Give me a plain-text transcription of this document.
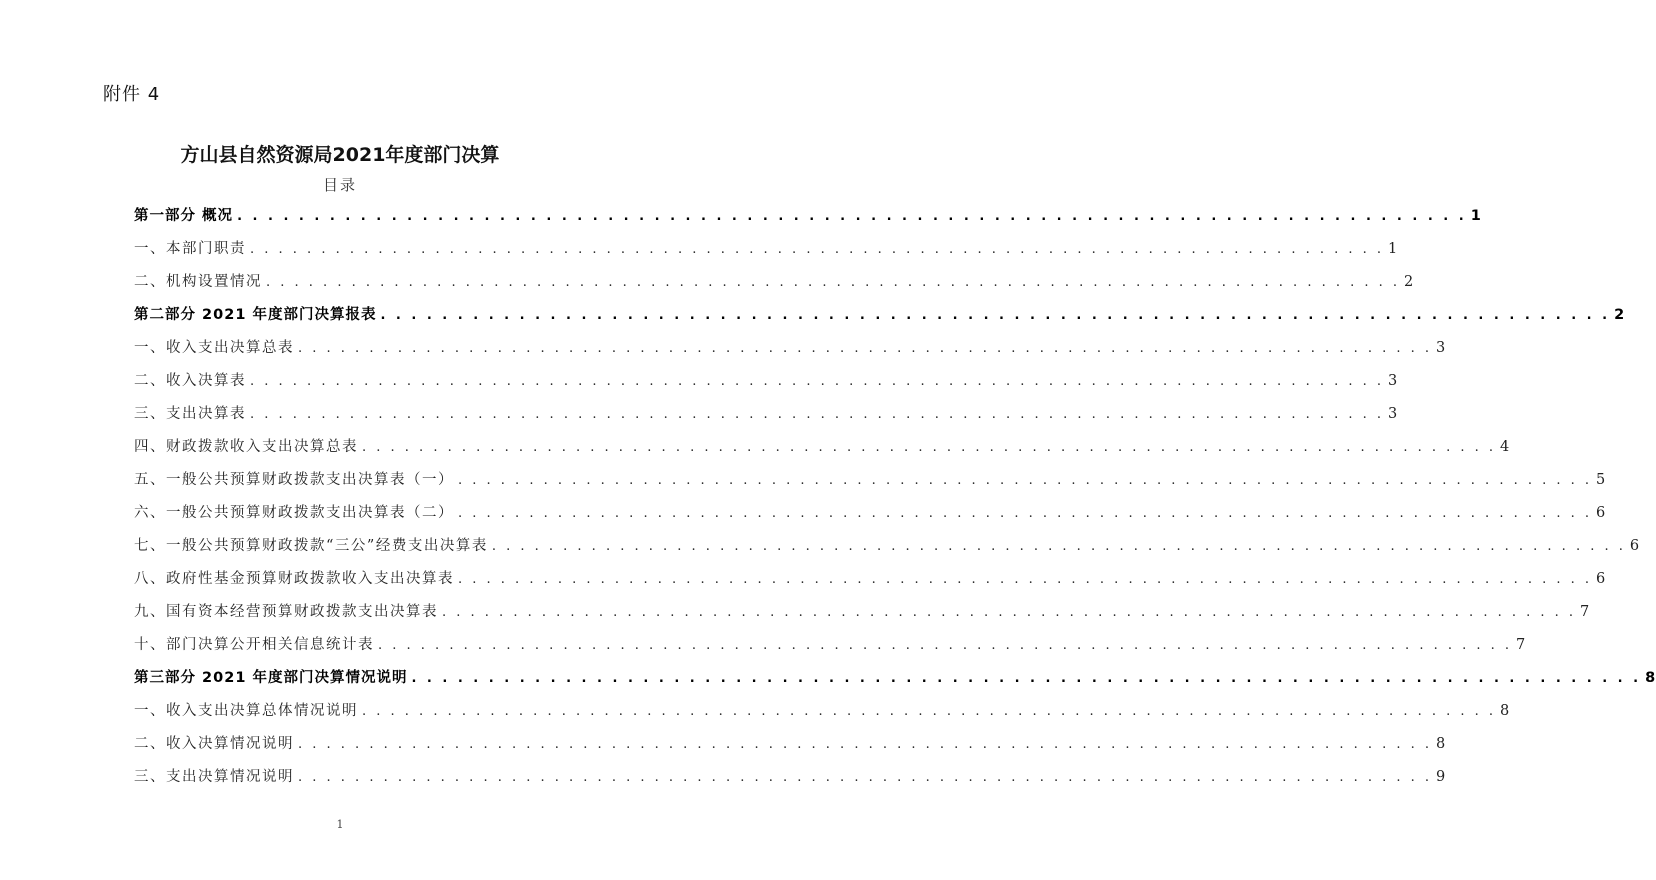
附件 4
方山县自然资源局2021年度部门决算
目录
第一部分 概况 . . . . . . . . . . . . . . . . . . . . . . . . . . . . . . . . . . . . . . . . . . . . . . . . . . . . . . . . . . . . . . . . . . . . . . . . . . . . . . . . 1
一、本部门职责 . . . . . . . . . . . . . . . . . . . . . . . . . . . . . . . . . . . . . . . . . . . . . . . . . . . . . . . . . . . . . . . . . . . . . . . . . . . . . . . . 1
二、机构设置情况 . . . . . . . . . . . . . . . . . . . . . . . . . . . . . . . . . . . . . . . . . . . . . . . . . . . . . . . . . . . . . . . . . . . . . . . . . . . . . . . . 2
第二部分 2021 年度部门决算报表 . . . . . . . . . . . . . . . . . . . . . . . . . . . . . . . . . . . . . . . . . . . . . . . . . . . . . . . . . . . . . . . . . . . . . . . . . . . . . . . . 2
一、收入支出决算总表 . . . . . . . . . . . . . . . . . . . . . . . . . . . . . . . . . . . . . . . . . . . . . . . . . . . . . . . . . . . . . . . . . . . . . . . . . . . . . . . . 3
二、收入决算表 . . . . . . . . . . . . . . . . . . . . . . . . . . . . . . . . . . . . . . . . . . . . . . . . . . . . . . . . . . . . . . . . . . . . . . . . . . . . . . . . 3
三、支出决算表 . . . . . . . . . . . . . . . . . . . . . . . . . . . . . . . . . . . . . . . . . . . . . . . . . . . . . . . . . . . . . . . . . . . . . . . . . . . . . . . . 3
四、财政拨款收入支出决算总表 . . . . . . . . . . . . . . . . . . . . . . . . . . . . . . . . . . . . . . . . . . . . . . . . . . . . . . . . . . . . . . . . . . . . . . . . . . . . . . . . 4
五、一般公共预算财政拨款支出决算表（一） . . . . . . . . . . . . . . . . . . . . . . . . . . . . . . . . . . . . . . . . . . . . . . . . . . . . . . . . . . . . . . . . . . . . . . . . . . . . . . . . 5
六、一般公共预算财政拨款支出决算表（二） . . . . . . . . . . . . . . . . . . . . . . . . . . . . . . . . . . . . . . . . . . . . . . . . . . . . . . . . . . . . . . . . . . . . . . . . . . . . . . . . 6
七、一般公共预算财政拨款“三公”经费支出决算表 . . . . . . . . . . . . . . . . . . . . . . . . . . . . . . . . . . . . . . . . . . . . . . . . . . . . . . . . . . . . . . . . . . . . . . . . . . . . . . . . 6
八、政府性基金预算财政拨款收入支出决算表 . . . . . . . . . . . . . . . . . . . . . . . . . . . . . . . . . . . . . . . . . . . . . . . . . . . . . . . . . . . . . . . . . . . . . . . . . . . . . . . . 6
九、国有资本经营预算财政拨款支出决算表 . . . . . . . . . . . . . . . . . . . . . . . . . . . . . . . . . . . . . . . . . . . . . . . . . . . . . . . . . . . . . . . . . . . . . . . . . . . . . . . . 7
十、部门决算公开相关信息统计表 . . . . . . . . . . . . . . . . . . . . . . . . . . . . . . . . . . . . . . . . . . . . . . . . . . . . . . . . . . . . . . . . . . . . . . . . . . . . . . . . 7
第三部分 2021 年度部门决算情况说明 . . . . . . . . . . . . . . . . . . . . . . . . . . . . . . . . . . . . . . . . . . . . . . . . . . . . . . . . . . . . . . . . . . . . . . . . . . . . . . . . 8
一、收入支出决算总体情况说明 . . . . . . . . . . . . . . . . . . . . . . . . . . . . . . . . . . . . . . . . . . . . . . . . . . . . . . . . . . . . . . . . . . . . . . . . . . . . . . . . 8
二、收入决算情况说明 . . . . . . . . . . . . . . . . . . . . . . . . . . . . . . . . . . . . . . . . . . . . . . . . . . . . . . . . . . . . . . . . . . . . . . . . . . . . . . . . 8
三、支出决算情况说明 . . . . . . . . . . . . . . . . . . . . . . . . . . . . . . . . . . . . . . . . . . . . . . . . . . . . . . . . . . . . . . . . . . . . . . . . . . . . . . . . 9
1
